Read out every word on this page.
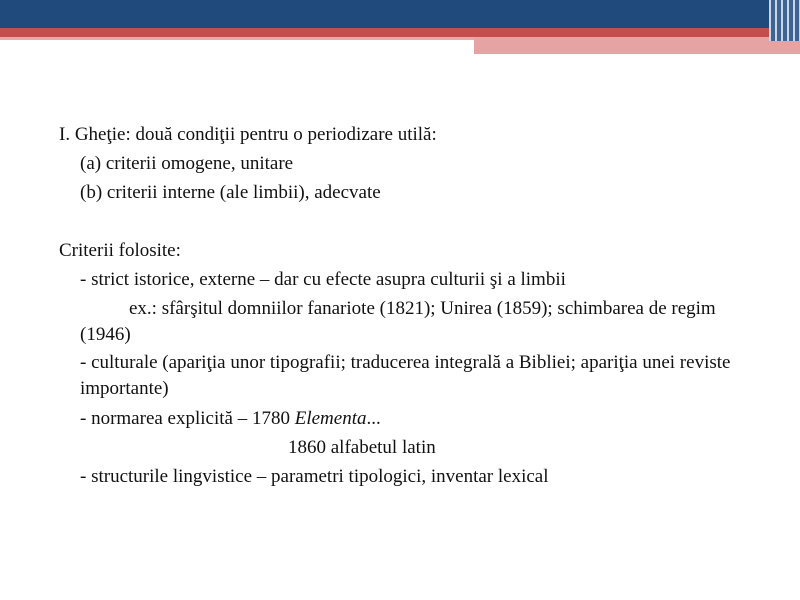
I. Gheţie: două condiţii pentru o periodizare utilă:

(a) criterii omogene, unitare

(b) criterii interne (ale limbii), adecvate

Criterii folosite:

- strict istorice, externe – dar cu efecte asupra culturii şi a limbii

ex.: sfârşitul domniilor fanariote (1821); Unirea (1859); schimbarea de regim (1946)

- culturale (apariţia unor tipografii; traducerea integrală a Bibliei; apariţia unei reviste importante)

- normarea explicită – 1780 Elementa...

1860 alfabetul latin

- structurile lingvistice – parametri tipologici, inventar lexical
